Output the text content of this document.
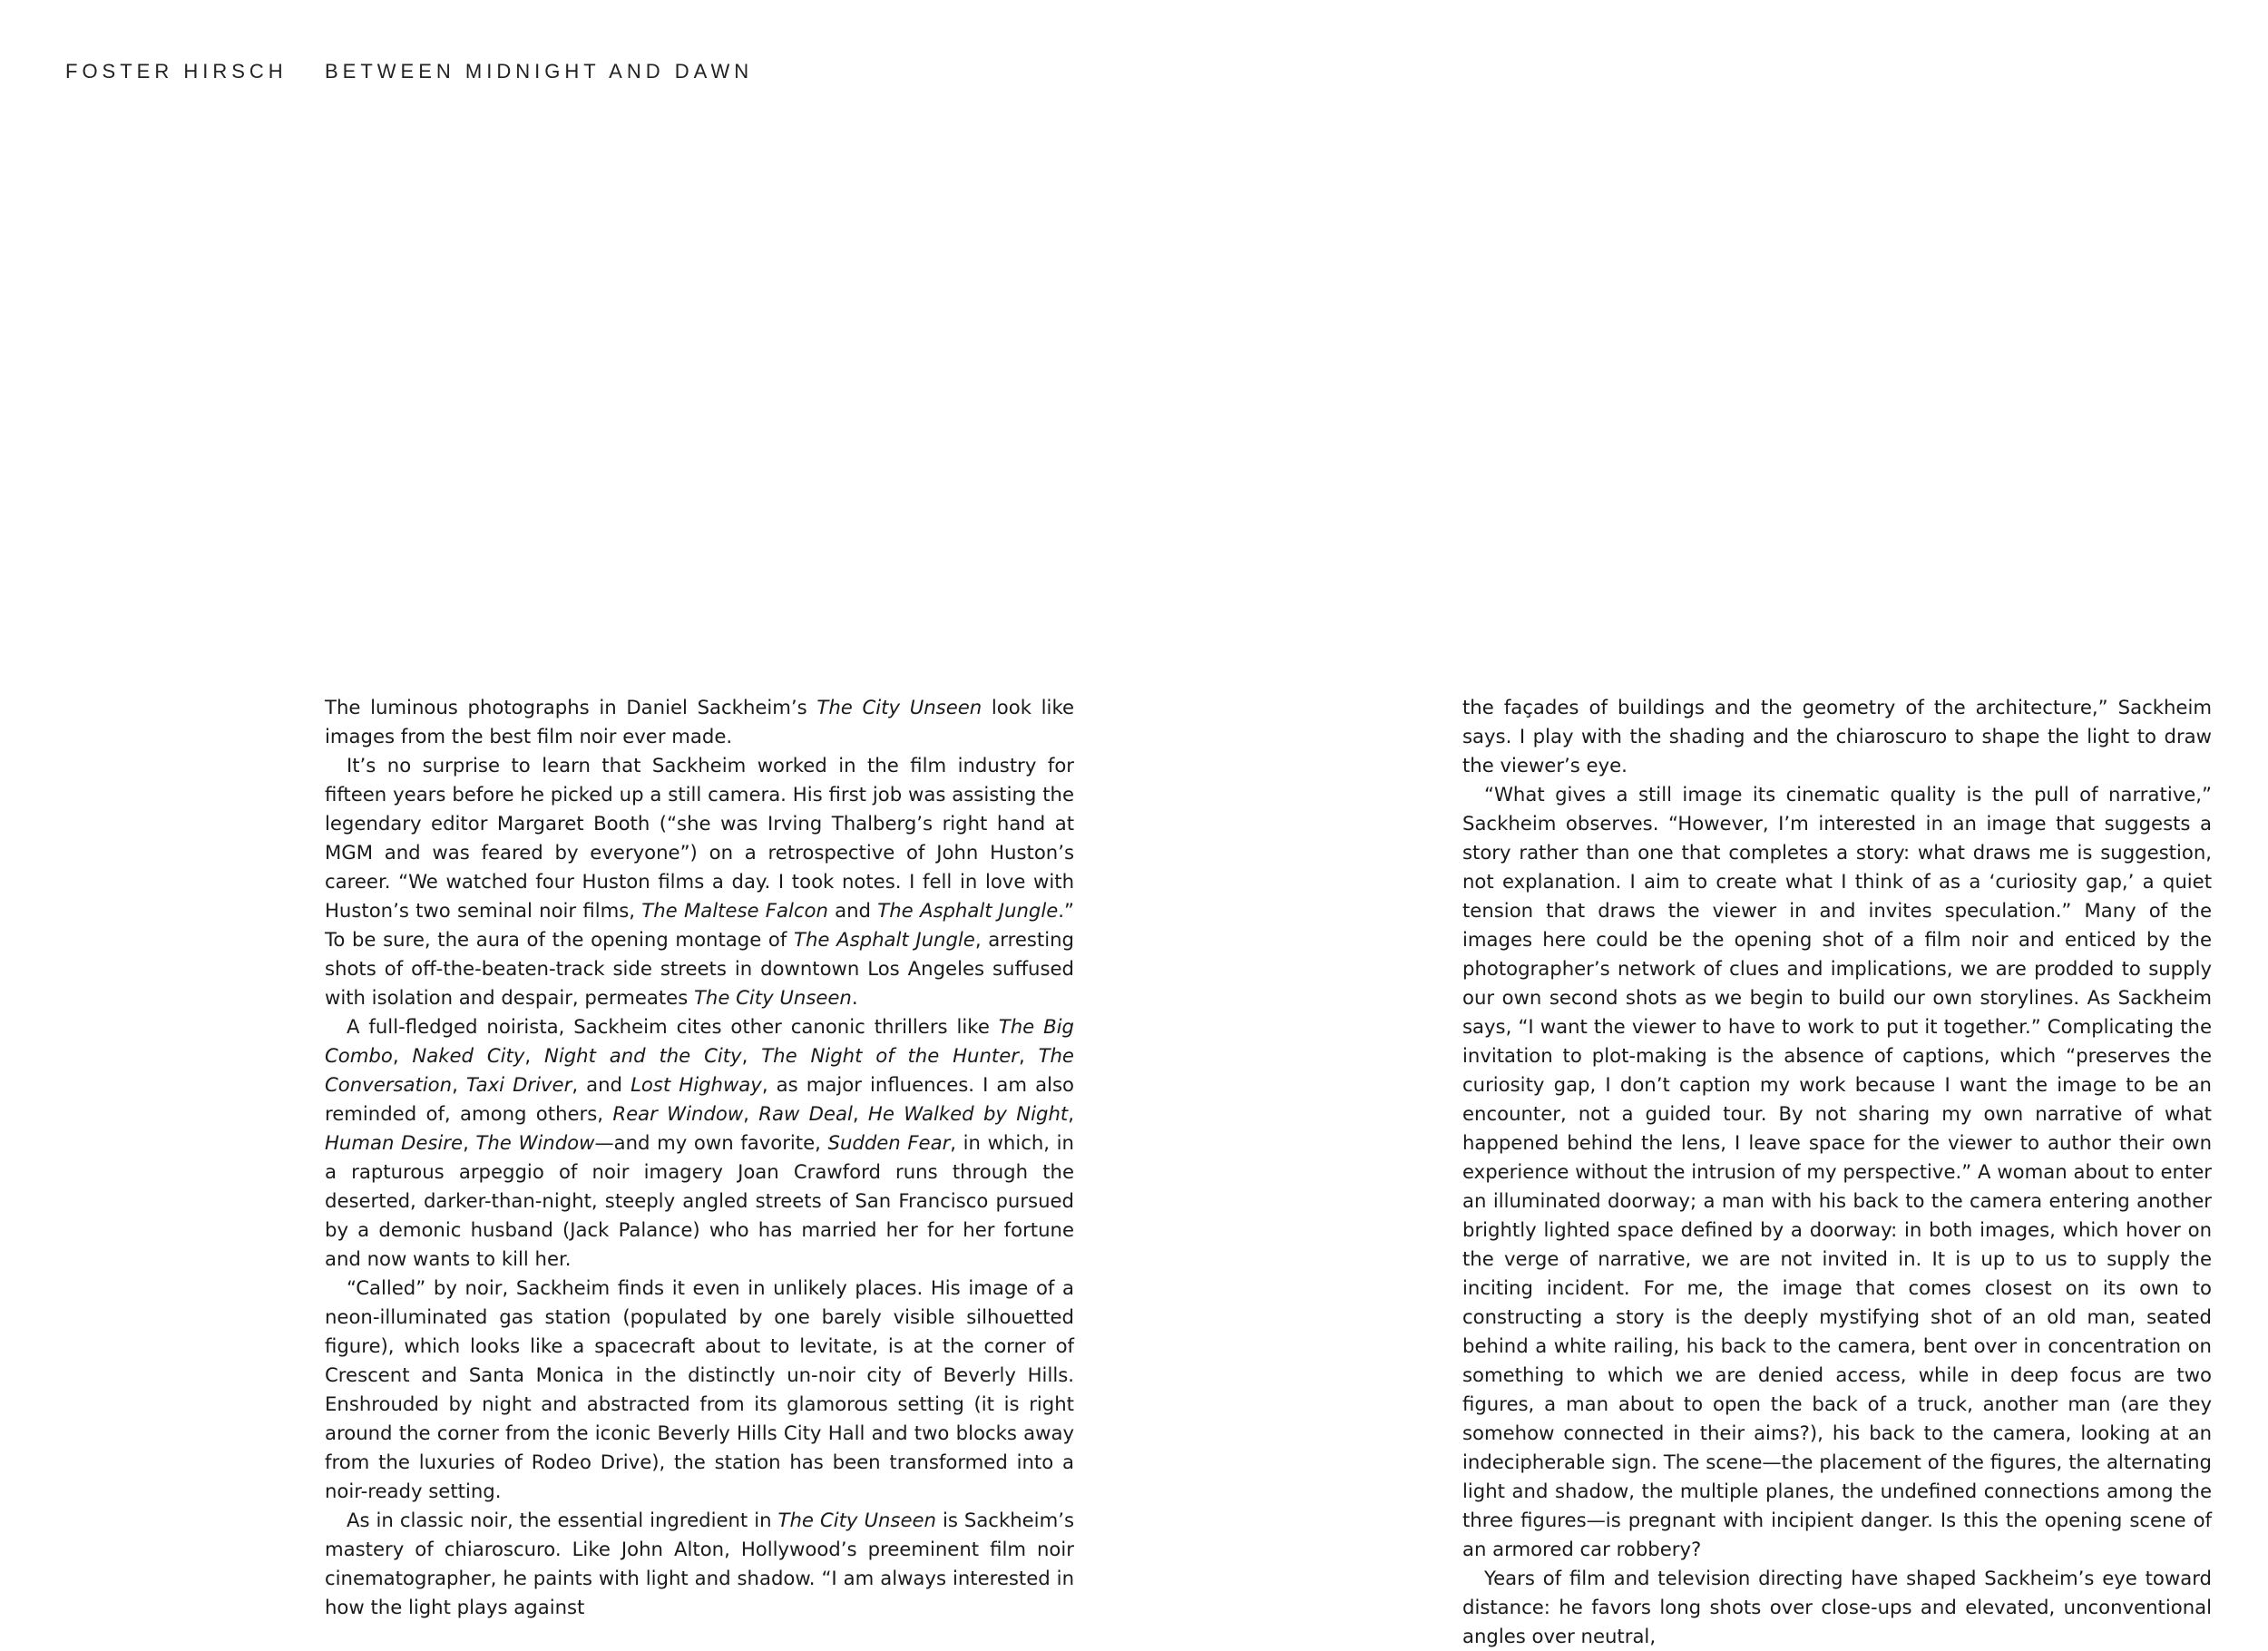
FOSTER HIRSCH BETWEEN MIDNIGHT AND DAWN

The luminous photographs in Daniel Sackheim’s The City Unseen look like images from the best film noir ever made.

It’s no surprise to learn that Sackheim worked in the film industry for fifteen years before he picked up a still camera. His first job was assisting the legendary editor Margaret Booth (“she was Irving Thalberg’s right hand at MGM and was feared by everyone”) on a retrospective of John Huston’s career. “We watched four Huston films a day. I took notes. I fell in love with Huston’s two seminal noir films, The Maltese Falcon and The Asphalt Jungle.” To be sure, the aura of the opening montage of The Asphalt Jungle, arresting shots of off-the-beaten-track side streets in downtown Los Angeles suffused with isolation and despair, permeates The City Unseen.

A full-fledged noirista, Sackheim cites other canonic thrillers like The Big Combo, Naked City, Night and the City, The Night of the Hunter, The Conversation, Taxi Driver, and Lost Highway, as major influences. I am also reminded of, among others, Rear Window, Raw Deal, He Walked by Night, Human Desire, The Window—and my own favorite, Sudden Fear, in which, in a rapturous arpeggio of noir imagery Joan Crawford runs through the deserted, darker-than-night, steeply angled streets of San Francisco pursued by a demonic husband (Jack Palance) who has married her for her fortune and now wants to kill her.

“Called” by noir, Sackheim finds it even in unlikely places. His image of a neon-illuminated gas station (populated by one barely visible silhouetted figure), which looks like a spacecraft about to levitate, is at the corner of Crescent and Santa Monica in the distinctly un-noir city of Beverly Hills. Enshrouded by night and abstracted from its glamorous setting (it is right around the corner from the iconic Beverly Hills City Hall and two blocks away from the luxuries of Rodeo Drive), the station has been transformed into a noir-ready setting.

As in classic noir, the essential ingredient in The City Unseen is Sackheim’s mastery of chiaroscuro. Like John Alton, Hollywood’s preeminent film noir cinematographer, he paints with light and shadow. “I am always interested in how the light plays against

the façades of buildings and the geometry of the architecture,” Sackheim says. I play with the shading and the chiaroscuro to shape the light to draw the viewer’s eye.

“What gives a still image its cinematic quality is the pull of narrative,” Sackheim observes. “However, I’m interested in an image that suggests a story rather than one that completes a story: what draws me is suggestion, not explanation. I aim to create what I think of as a ‘curiosity gap,’ a quiet tension that draws the viewer in and invites speculation.” Many of the images here could be the opening shot of a film noir and enticed by the photographer’s network of clues and implications, we are prodded to supply our own second shots as we begin to build our own storylines. As Sackheim says, “I want the viewer to have to work to put it together.” Complicating the invitation to plot-making is the absence of captions, which “preserves the curiosity gap, I don’t caption my work because I want the image to be an encounter, not a guided tour. By not sharing my own narrative of what happened behind the lens, I leave space for the viewer to author their own experience without the intrusion of my perspective.” A woman about to enter an illuminated doorway; a man with his back to the camera entering another brightly lighted space defined by a doorway: in both images, which hover on the verge of narrative, we are not invited in. It is up to us to supply the inciting incident. For me, the image that comes closest on its own to constructing a story is the deeply mystifying shot of an old man, seated behind a white railing, his back to the camera, bent over in concentration on something to which we are denied access, while in deep focus are two figures, a man about to open the back of a truck, another man (are they somehow connected in their aims?), his back to the camera, looking at an indecipherable sign. The scene—the placement of the figures, the alternating light and shadow, the multiple planes, the undefined connections among the three figures—is pregnant with incipient danger. Is this the opening scene of an armored car robbery?

Years of film and television directing have shaped Sackheim’s eye toward distance: he favors long shots over close-ups and elevated, unconventional angles over neutral,
